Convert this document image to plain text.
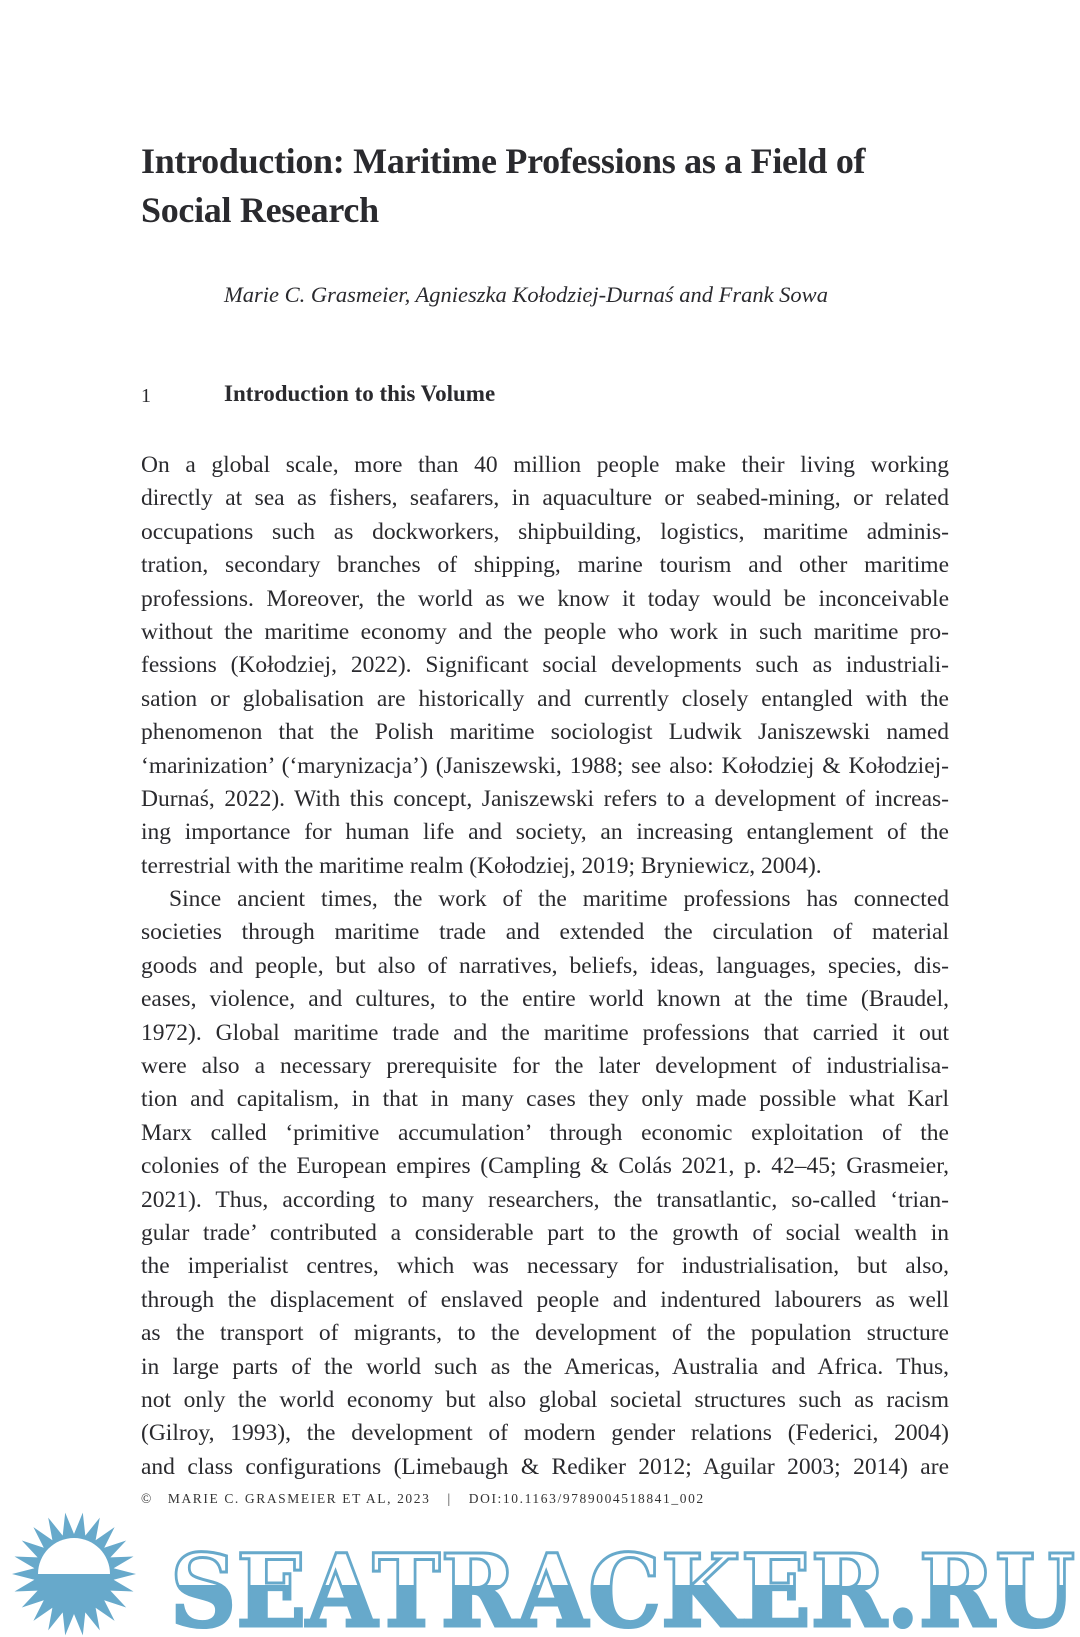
Introduction: Maritime Professions as a Field of Social Research
Marie C. Grasmeier, Agnieszka Kołodziej-Durnaś and Frank Sowa
1	Introduction to this Volume
On a global scale, more than 40 million people make their living working
directly at sea as fishers, seafarers, in aquaculture or seabed-mining, or related
occupations such as dockworkers, shipbuilding, logistics, maritime adminis-
tration, secondary branches of shipping, marine tourism and other maritime
professions. Moreover, the world as we know it today would be inconceivable
without the maritime economy and the people who work in such maritime pro-
fessions (Kołodziej, 2022). Significant social developments such as industriali-
sation or globalisation are historically and currently closely entangled with the
phenomenon that the Polish maritime sociologist Ludwik Janiszewski named
‘marinization’ (‘marynizacja’) (Janiszewski, 1988; see also: Kołodziej & Kołodziej-
Durnaś, 2022). With this concept, Janiszewski refers to a development of increas-
ing importance for human life and society, an increasing entanglement of the
terrestrial with the maritime realm (Kołodziej, 2019; Bryniewicz, 2004).
Since ancient times, the work of the maritime professions has connected
societies through maritime trade and extended the circulation of material
goods and people, but also of narratives, beliefs, ideas, languages, species, dis-
eases, violence, and cultures, to the entire world known at the time (Braudel,
1972). Global maritime trade and the maritime professions that carried it out
were also a necessary prerequisite for the later development of industrialisa-
tion and capitalism, in that in many cases they only made possible what Karl
Marx called ‘primitive accumulation’ through economic exploitation of the
colonies of the European empires (Campling & Colás 2021, p. 42–45; Grasmeier,
2021). Thus, according to many researchers, the transatlantic, so-called ‘trian-
gular trade’ contributed a considerable part to the growth of social wealth in
the imperialist centres, which was necessary for industrialisation, but also,
through the displacement of enslaved people and indentured labourers as well
as the transport of migrants, to the development of the population structure
in large parts of the world such as the Americas, Australia and Africa. Thus,
not only the world economy but also global societal structures such as racism
(Gilroy, 1993), the development of modern gender relations (Federici, 2004)
and class configurations (Limebaugh & Rediker 2012; Aguilar 2003; 2014) are
© MARIE C. GRASMEIER ET AL, 2023 | DOI:10.1163/9789004518841_002
SEATRACKER.RU
